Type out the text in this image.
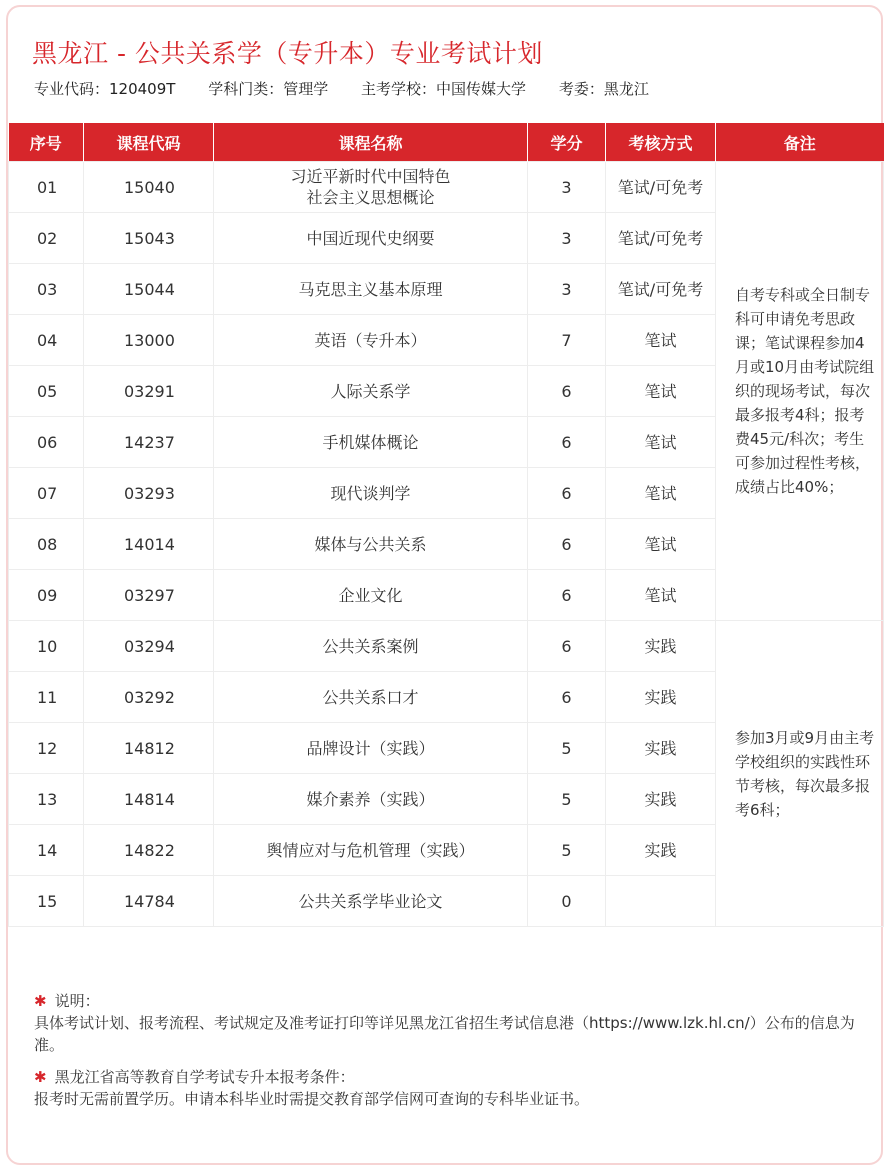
黑龙江 - 公共关系学（专升本）专业考试计划
专业代码：120409T 学科门类：管理学 主考学校：中国传媒大学 考委：黑龙江
序号	课程代码	课程名称	学分	考核方式	备注
01	15040	习近平新时代中国特色
社会主义思想概论	3	笔试/可免考	自考专科或全日制专科可申请免考思政课；笔试课程参加4月或10月由考试院组织的现场考试，每次最多报考4科；报考费45元/科次；考生可参加过程性考核，成绩占比40%；
02	15043	中国近现代史纲要	3	笔试/可免考	
03	15044	马克思主义基本原理	3	笔试/可免考	
04	13000	英语（专升本）	7	笔试	
05	03291	人际关系学	6	笔试	
06	14237	手机媒体概论	6	笔试	
07	03293	现代谈判学	6	笔试	
08	14014	媒体与公共关系	6	笔试	
09	03297	企业文化	6	笔试	
10	03294	公共关系案例	6	实践	参加3月或9月由主考学校组织的实践性环节考核，每次最多报考6科；
11	03292	公共关系口才	6	实践	
12	14812	品牌设计（实践）	5	实践	
13	14814	媒介素养（实践）	5	实践	
14	14822	舆情应对与危机管理（实践）	5	实践	
15	14784	公共关系学毕业论文	0		
✱ 说明：
具体考试计划、报考流程、考试规定及准考证打印等详见黑龙江省招生考试信息港（https://www.lzk.hl.cn/）公布的信息为准。
✱ 黑龙江省高等教育自学考试专升本报考条件：
报考时无需前置学历。申请本科毕业时需提交教育部学信网可查询的专科毕业证书。
